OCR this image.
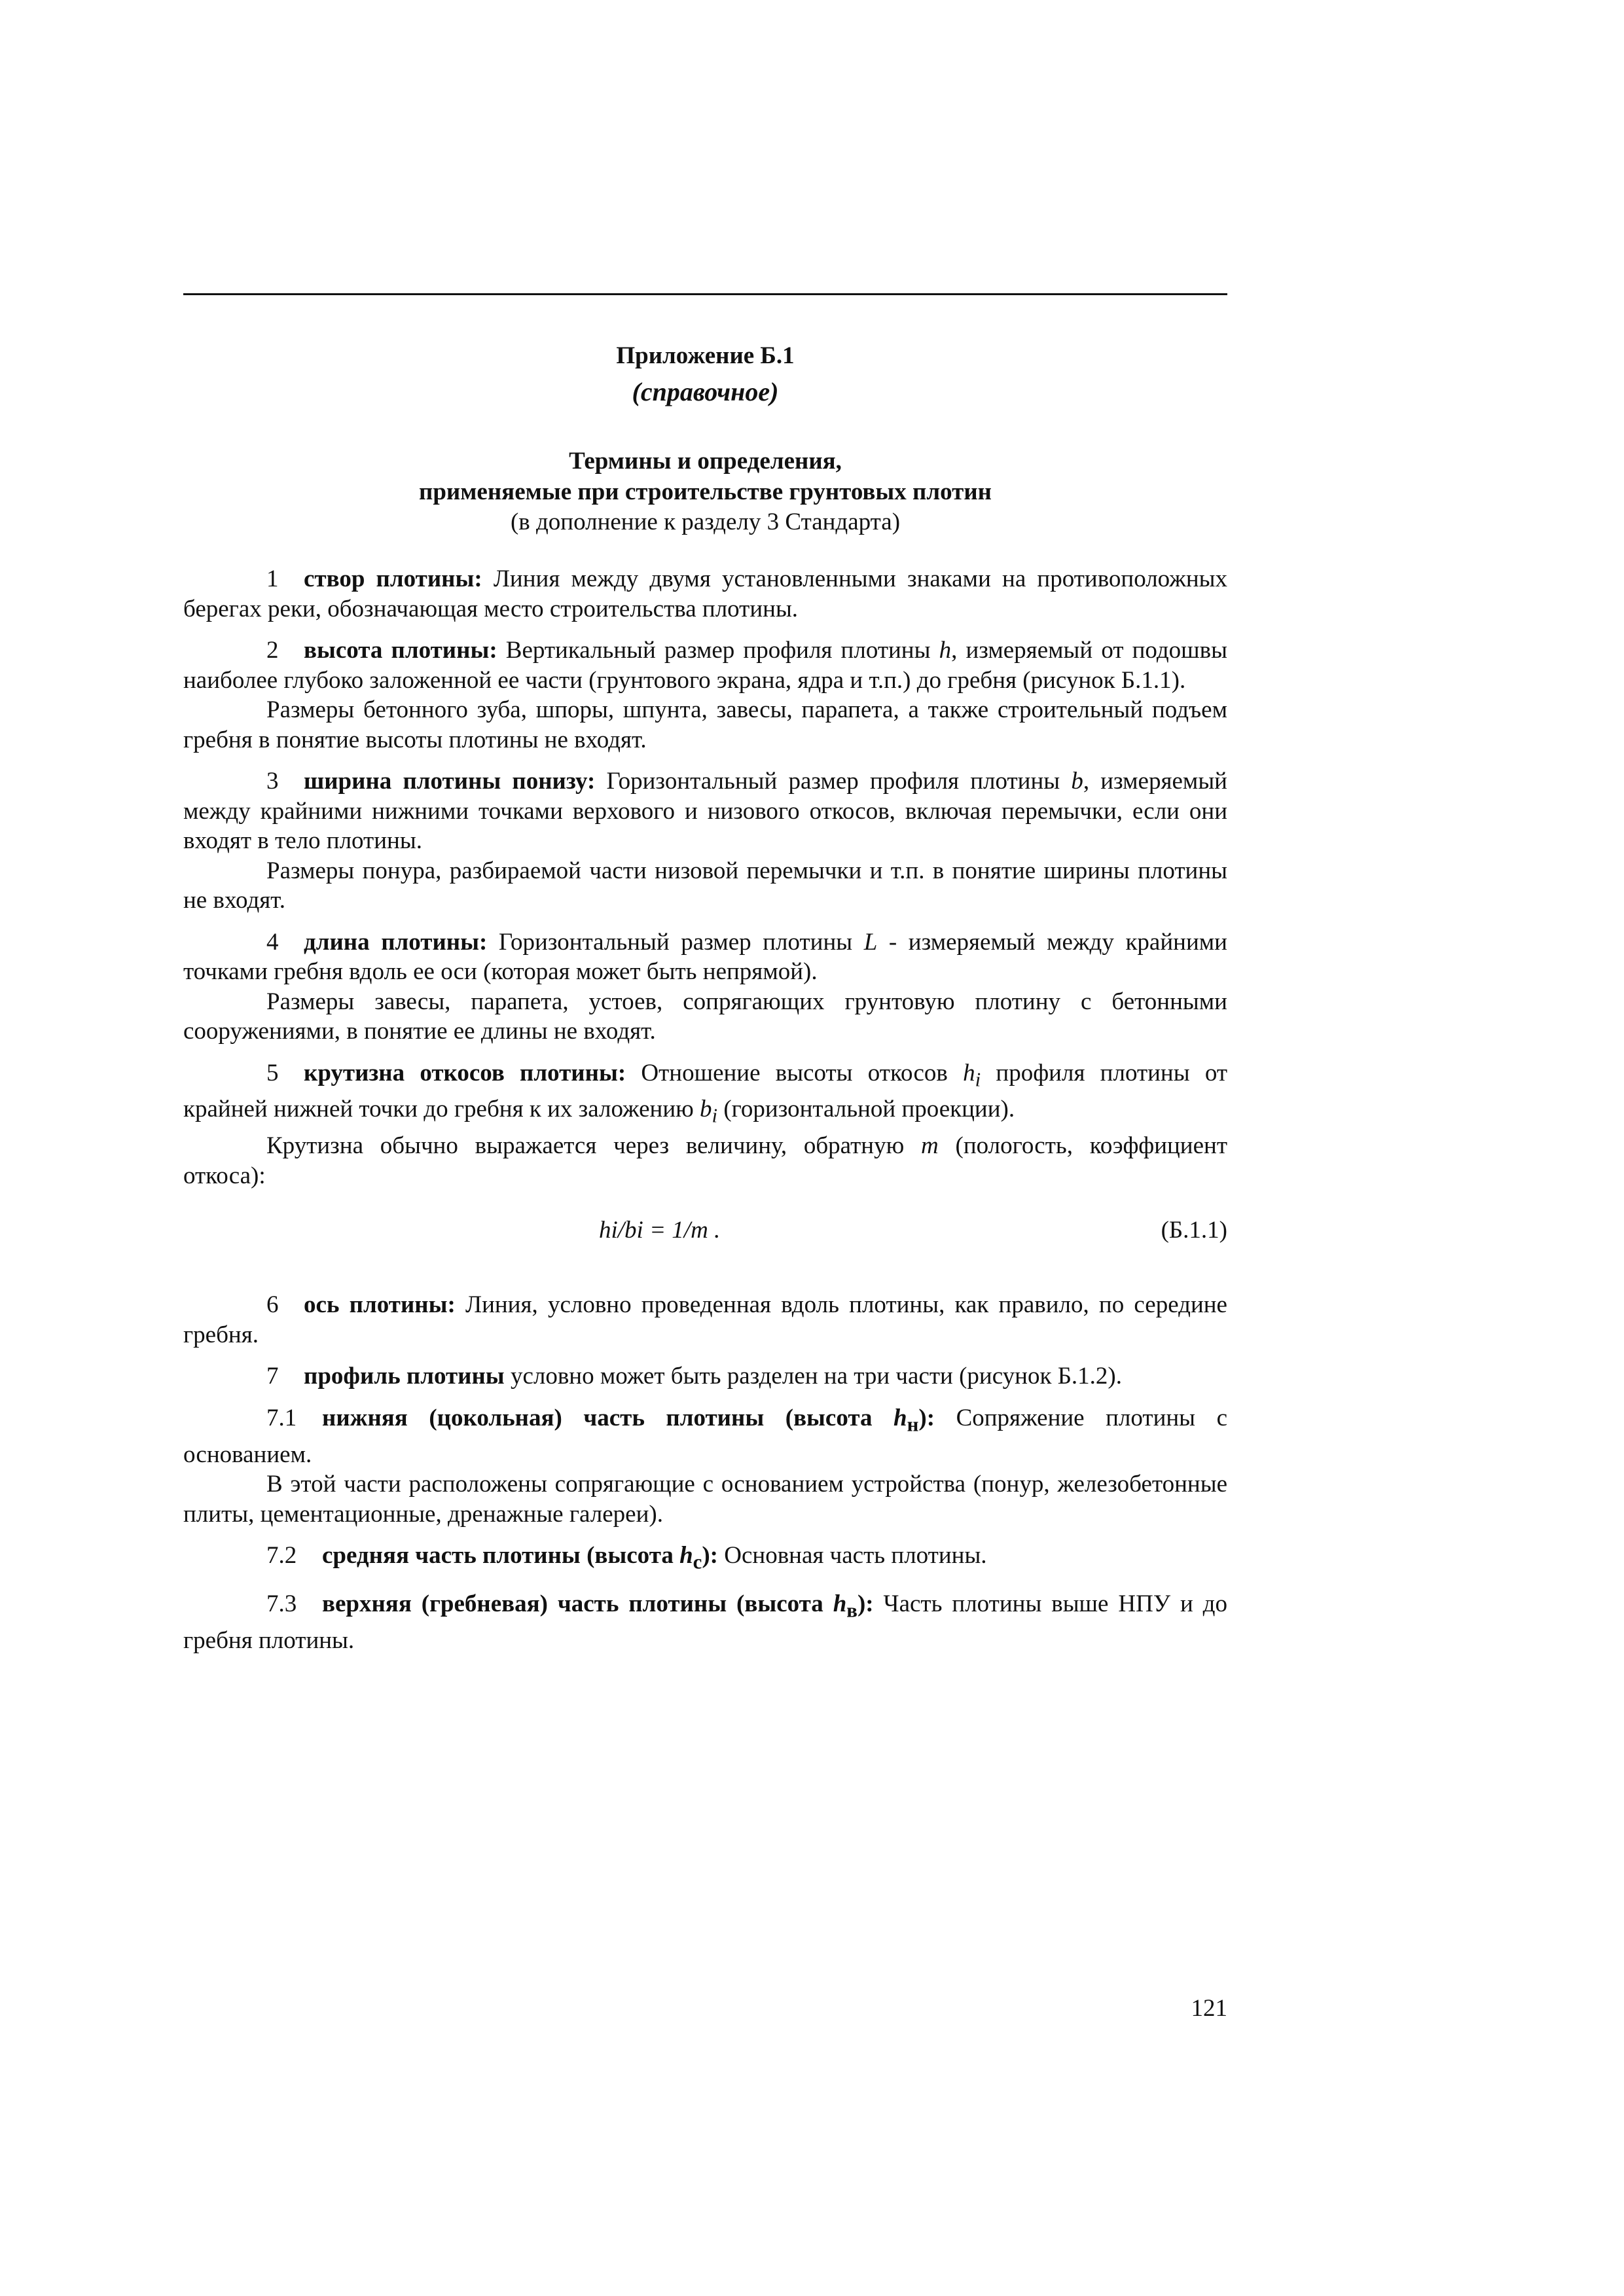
Приложение Б.1
(справочное)
Термины и определения,
применяемые при строительстве грунтовых плотин
(в дополнение к разделу 3 Стандарта)

1 створ плотины: Линия между двумя установленными знаками на противоположных берегах реки, обозначающая место строительства плотины.

2 высота плотины: Вертикальный размер профиля плотины h, измеряемый от подошвы наиболее глубоко заложенной ее части (грунтового экрана, ядра и т.п.) до гребня (рисунок Б.1.1).

Размеры бетонного зуба, шпоры, шпунта, завесы, парапета, а также строительный подъем гребня в понятие высоты плотины не входят.

3 ширина плотины понизу: Горизонтальный размер профиля плотины b, измеряемый между крайними нижними точками верхового и низового откосов, включая перемычки, если они входят в тело плотины.

Размеры понура, разбираемой части низовой перемычки и т.п. в понятие ширины плотины не входят.

4 длина плотины: Горизонтальный размер плотины L - измеряемый между крайними точками гребня вдоль ее оси (которая может быть непрямой).

Размеры завесы, парапета, устоев, сопрягающих грунтовую плотину с бетонными сооружениями, в понятие ее длины не входят.

5 крутизна откосов плотины: Отношение высоты откосов $h_i$ профиля плотины от крайней нижней точки до гребня к их заложению $b_i$ (горизонтальной проекции).

Крутизна обычно выражается через величину, обратную m (пологость, коэффициент откоса):

hi/bi = 1/m .	(Б.1.1)

6 ось плотины: Линия, условно проведенная вдоль плотины, как правило, по середине гребня.

7 профиль плотины условно может быть разделен на три части (рисунок Б.1.2).

7.1 нижняя (цокольная) часть плотины (высота $h_н$): Сопряжение плотины с основанием.

В этой части расположены сопрягающие с основанием устройства (понур, железобетонные плиты, цементационные, дренажные галереи).

7.2 средняя часть плотины (высота $h_с$): Основная часть плотины.

7.3 верхняя (гребневая) часть плотины (высота $h_в$): Часть плотины выше НПУ и до гребня плотины.

121
